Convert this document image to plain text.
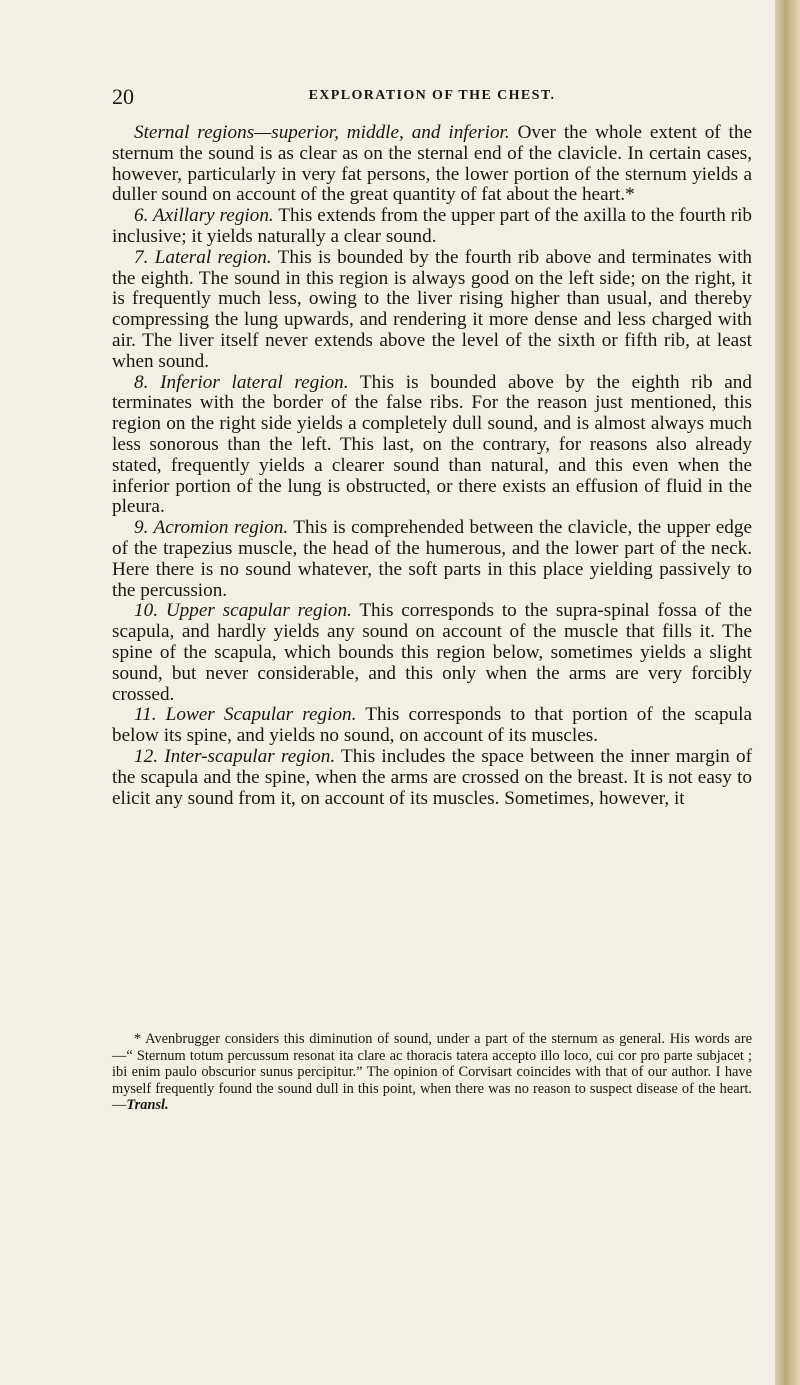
20	EXPLORATION OF THE CHEST.

Sternal regions—superior, middle, and inferior. Over the whole extent of the sternum the sound is as clear as on the sternal end of the clavicle. In certain cases, however, particularly in very fat persons, the lower portion of the sternum yields a duller sound on account of the great quantity of fat about the heart.*

6. Axillary region. This extends from the upper part of the axilla to the fourth rib inclusive; it yields naturally a clear sound.

7. Lateral region. This is bounded by the fourth rib above and terminates with the eighth. The sound in this region is always good on the left side; on the right, it is frequently much less, owing to the liver rising higher than usual, and thereby compressing the lung upwards, and rendering it more dense and less charged with air. The liver itself never extends above the level of the sixth or fifth rib, at least when sound.

8. Inferior lateral region. This is bounded above by the eighth rib and terminates with the border of the false ribs. For the reason just mentioned, this region on the right side yields a completely dull sound, and is almost always much less sonorous than the left. This last, on the contrary, for reasons also already stated, frequently yields a clearer sound than natural, and this even when the inferior portion of the lung is obstructed, or there exists an effusion of fluid in the pleura.

9. Acromion region. This is comprehended between the clavicle, the upper edge of the trapezius muscle, the head of the humerous, and the lower part of the neck. Here there is no sound whatever, the soft parts in this place yielding passively to the percussion.

10. Upper scapular region. This corresponds to the supra-spinal fossa of the scapula, and hardly yields any sound on account of the muscle that fills it. The spine of the scapula, which bounds this region below, sometimes yields a slight sound, but never considerable, and this only when the arms are very forcibly crossed.

11. Lower Scapular region. This corresponds to that portion of the scapula below its spine, and yields no sound, on account of its muscles.

12. Inter-scapular region. This includes the space between the inner margin of the scapula and the spine, when the arms are crossed on the breast. It is not easy to elicit any sound from it, on account of its muscles. Sometimes, however, it

* Avenbrugger considers this diminution of sound, under a part of the sternum as general. His words are—“ Sternum totum percussum resonat ita clare ac thoracis tatera accepto illo loco, cui cor pro parte subjacet ; ibi enim paulo obscurior sunus percipitur.” The opinion of Corvisart coincides with that of our author. I have myself frequently found the sound dull in this point, when there was no reason to suspect disease of the heart.—Transl.
